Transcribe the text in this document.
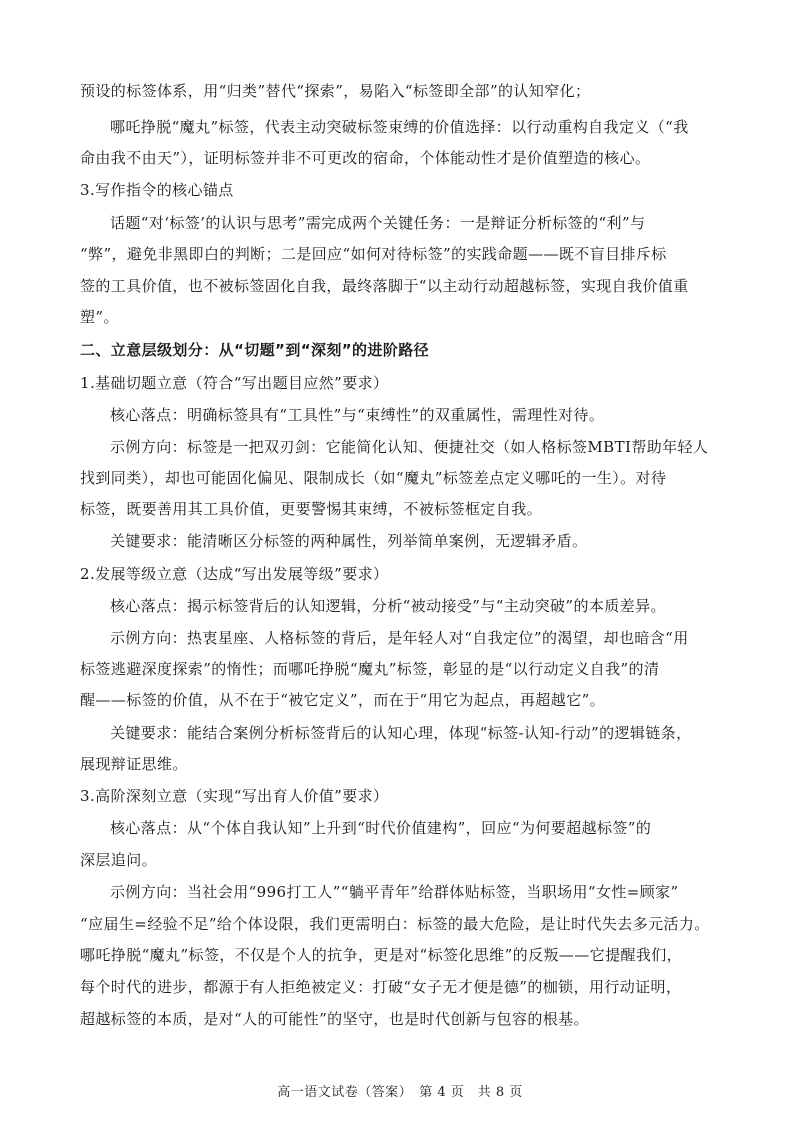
预设的标签体系，用“归类”替代“探索”，易陷入“标签即全部”的认知窄化；
哪吒挣脱“魔丸”标签，代表主动突破标签束缚的价值选择：以行动重构自我定义（“我
命由我不由天”），证明标签并非不可更改的宿命，个体能动性才是价值塑造的核心。
3.写作指令的核心锚点
话题“对‘标签’的认识与思考”需完成两个关键任务：一是辩证分析标签的“利”与
“弊”，避免非黑即白的判断；二是回应“如何对待标签”的实践命题——既不盲目排斥标
签的工具价值，也不被标签固化自我，最终落脚于“以主动行动超越标签，实现自我价值重
塑”。
二、立意层级划分：从“切题”到“深刻”的进阶路径
1.基础切题立意（符合“写出题目应然”要求）
核心落点：明确标签具有“工具性”与“束缚性”的双重属性，需理性对待。
示例方向：标签是一把双刃剑：它能简化认知、便捷社交（如人格标签MBTI帮助年轻人
找到同类），却也可能固化偏见、限制成长（如“魔丸”标签差点定义哪吒的一生）。对待
标签，既要善用其工具价值，更要警惕其束缚，不被标签框定自我。
关键要求：能清晰区分标签的两种属性，列举简单案例，无逻辑矛盾。
2.发展等级立意（达成“写出发展等级”要求）
核心落点：揭示标签背后的认知逻辑，分析“被动接受”与“主动突破”的本质差异。
示例方向：热衷星座、人格标签的背后，是年轻人对“自我定位”的渴望，却也暗含“用
标签逃避深度探索”的惰性；而哪吒挣脱“魔丸”标签，彰显的是“以行动定义自我”的清
醒——标签的价值，从不在于“被它定义”，而在于“用它为起点，再超越它”。
关键要求：能结合案例分析标签背后的认知心理，体现“标签-认知-行动”的逻辑链条，
展现辩证思维。
3.高阶深刻立意（实现“写出育人价值”要求）
核心落点：从“个体自我认知”上升到“时代价值建构”，回应“为何要超越标签”的
深层追问。
示例方向：当社会用“996打工人”“躺平青年”给群体贴标签，当职场用“女性=顾家”
“应届生=经验不足”给个体设限，我们更需明白：标签的最大危险，是让时代失去多元活力。
哪吒挣脱“魔丸”标签，不仅是个人的抗争，更是对“标签化思维”的反叛——它提醒我们，
每个时代的进步，都源于有人拒绝被定义：打破“女子无才便是德”的枷锁，用行动证明，
超越标签的本质，是对“人的可能性”的坚守，也是时代创新与包容的根基。
高一语文试卷（答案）　第 4 页　共 8 页
